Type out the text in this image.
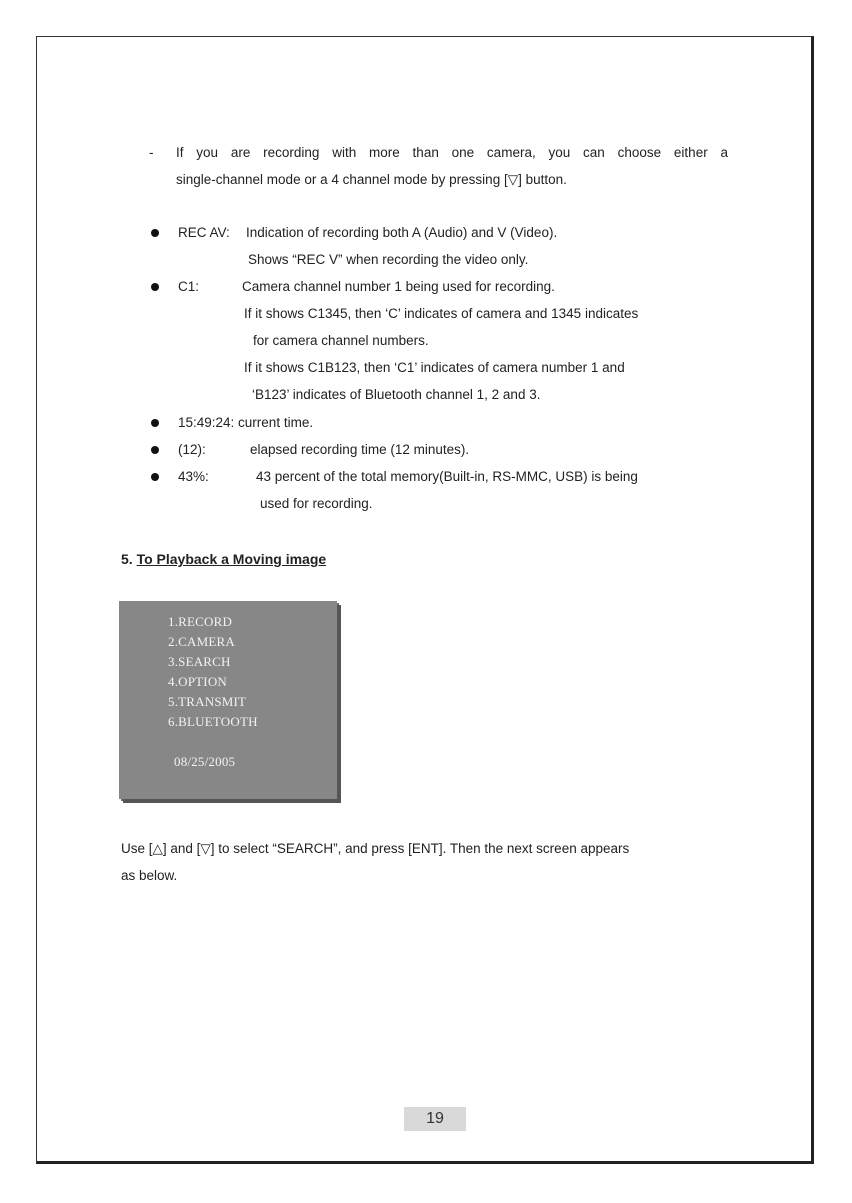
- If you are recording with more than one camera, you can choose either a
single-channel mode or a 4 channel mode by pressing [▽] button.
REC AV: Indication of recording both A (Audio) and V (Video).
Shows “REC V” when recording the video only.
C1:	Camera channel number 1 being used for recording.
If it shows C1345, then ‘C’ indicates of camera and 1345 indicates
for camera channel numbers.
If it shows C1B123, then ‘C1’ indicates of camera number 1 and
‘B123’ indicates of Bluetooth channel 1, 2 and 3.
15:49:24: current time.
(12):	elapsed recording time (12 minutes).
43%:	43 percent of the total memory(Built-in, RS-MMC, USB) is being
used for recording.
5. To Playback a Moving image
1.RECORD
2.CAMERA
3.SEARCH
4.OPTION
5.TRANSMIT
6.BLUETOOTH
08/25/2005
Use [△] and [▽] to select “SEARCH”, and press [ENT]. Then the next screen appears
as below.
19
